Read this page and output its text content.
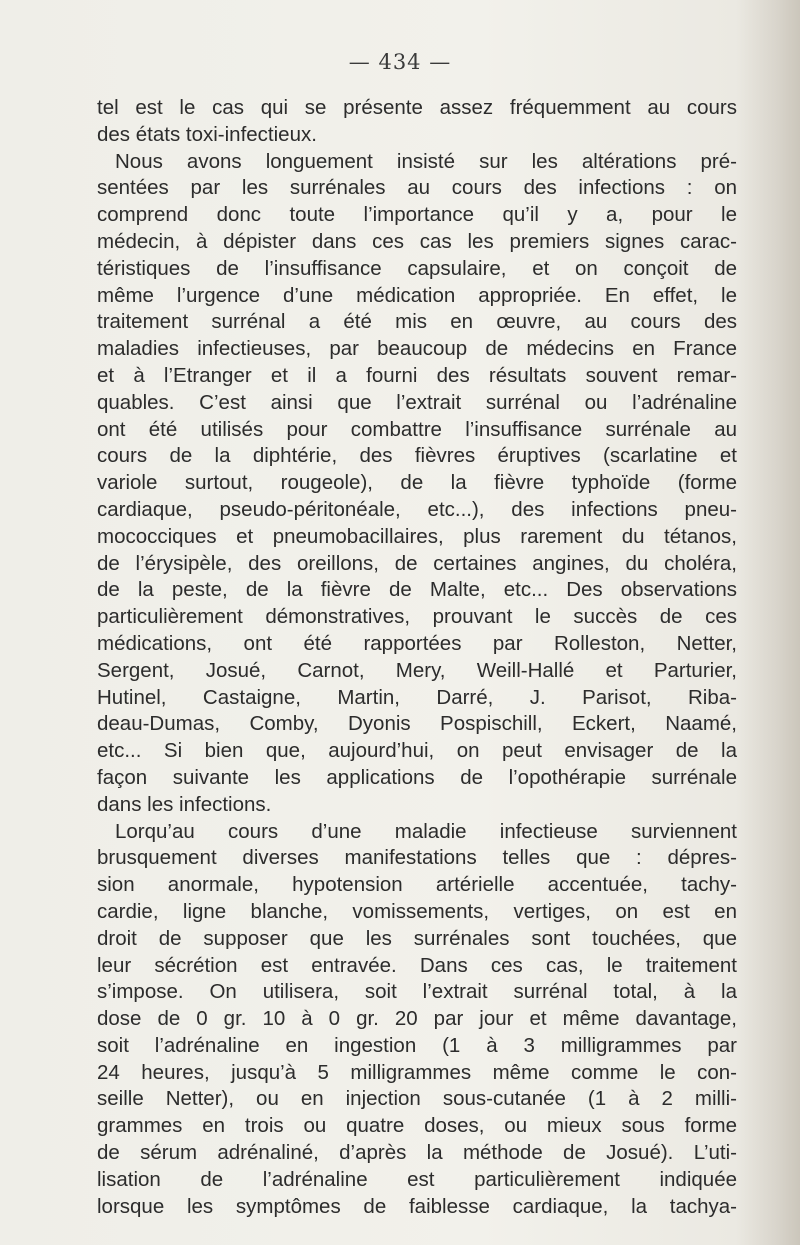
— 434 —
tel est le cas qui se présente assez fréquemment au cours
des états toxi-infectieux.
Nous avons longuement insisté sur les altérations pré-
sentées par les surrénales au cours des infections : on
comprend donc toute l’importance qu’il y a, pour le
médecin, à dépister dans ces cas les premiers signes carac-
téristiques de l’insuffisance capsulaire, et on conçoit de
même l’urgence d’une médication appropriée. En effet, le
traitement surrénal a été mis en œuvre, au cours des
maladies infectieuses, par beaucoup de médecins en France
et à l’Etranger et il a fourni des résultats souvent remar-
quables. C’est ainsi que l’extrait surrénal ou l’adrénaline
ont été utilisés pour combattre l’insuffisance surrénale au
cours de la diphtérie, des fièvres éruptives (scarlatine et
variole surtout, rougeole), de la fièvre typhoïde (forme
cardiaque, pseudo-péritonéale, etc...), des infections pneu-
mococciques et pneumobacillaires, plus rarement du tétanos,
de l’érysipèle, des oreillons, de certaines angines, du choléra,
de la peste, de la fièvre de Malte, etc... Des observations
particulièrement démonstratives, prouvant le succès de ces
médications, ont été rapportées par Rolleston, Netter,
Sergent, Josué, Carnot, Mery, Weill-Hallé et Parturier,
Hutinel, Castaigne, Martin, Darré, J. Parisot, Riba-
deau-Dumas, Comby, Dyonis Pospischill, Eckert, Naamé,
etc... Si bien que, aujourd’hui, on peut envisager de la
façon suivante les applications de l’opothérapie surrénale
dans les infections.
Lorqu’au cours d’une maladie infectieuse surviennent
brusquement diverses manifestations telles que : dépres-
sion anormale, hypotension artérielle accentuée, tachy-
cardie, ligne blanche, vomissements, vertiges, on est en
droit de supposer que les surrénales sont touchées, que
leur sécrétion est entravée. Dans ces cas, le traitement
s’impose. On utilisera, soit l’extrait surrénal total, à la
dose de 0 gr. 10 à 0 gr. 20 par jour et même davantage,
soit l’adrénaline en ingestion (1 à 3 milligrammes par
24 heures, jusqu’à 5 milligrammes même comme le con-
seille Netter), ou en injection sous-cutanée (1 à 2 milli-
grammes en trois ou quatre doses, ou mieux sous forme
de sérum adrénaliné, d’après la méthode de Josué). L’uti-
lisation de l’adrénaline est particulièrement indiquée
lorsque les symptômes de faiblesse cardiaque, la tachya-
